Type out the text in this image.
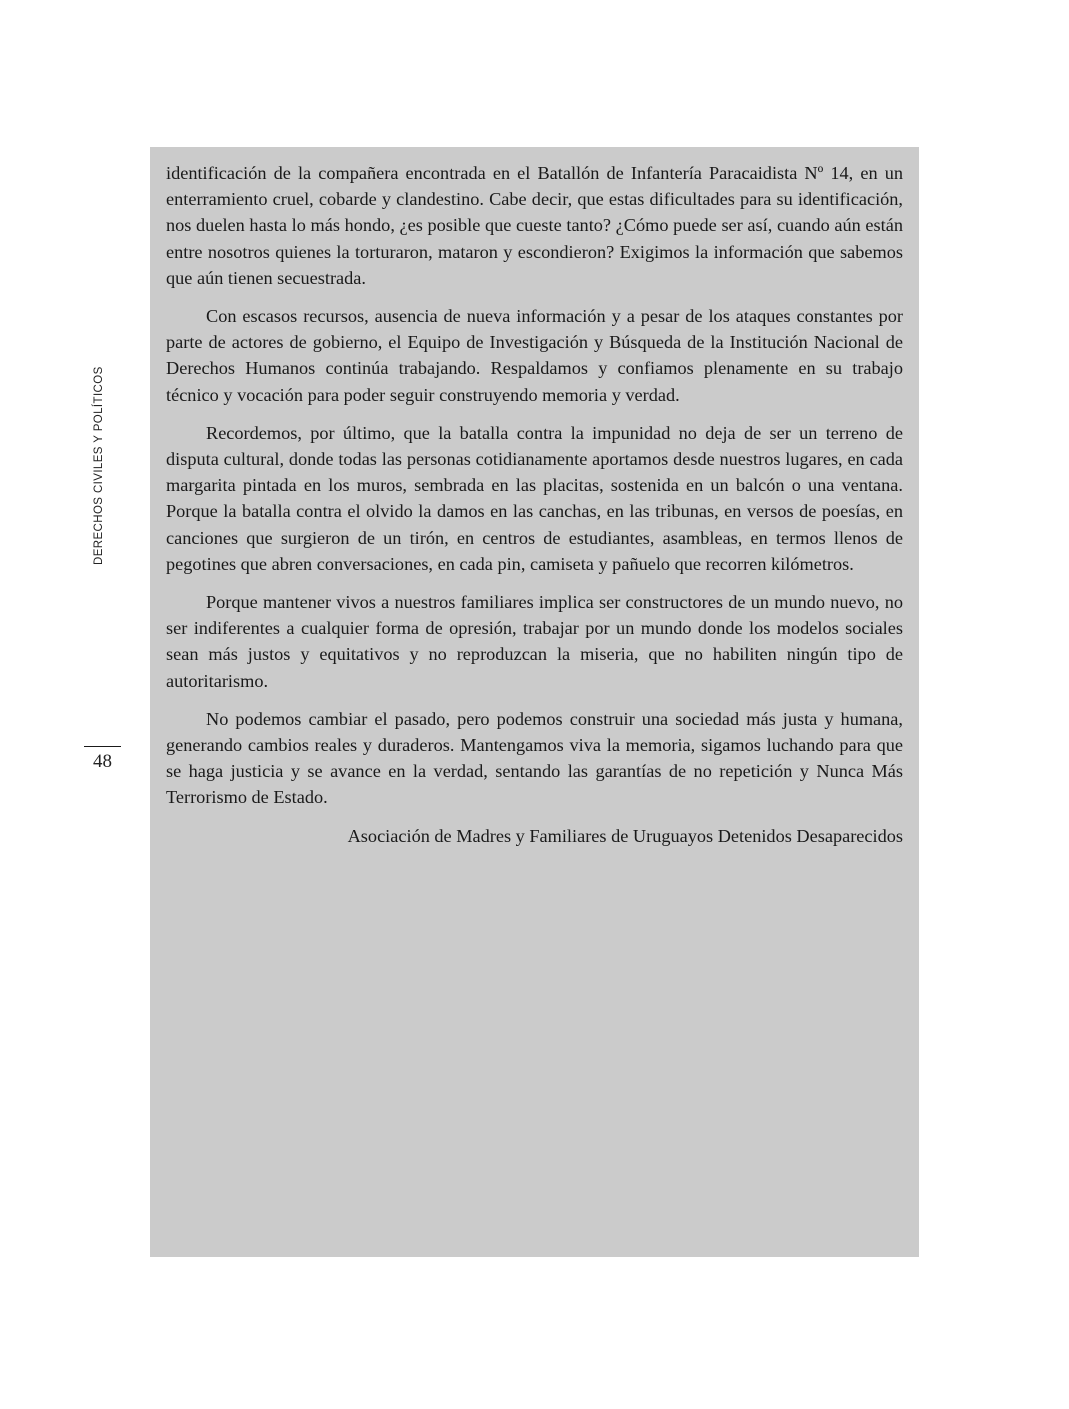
DERECHOS CIVILES Y POLÍTICOS
48

identificación de la compañera encontrada en el Batallón de Infantería Paracaidista Nº 14, en un enterramiento cruel, cobarde y clandestino. Cabe decir, que estas dificultades para su identificación, nos duelen hasta lo más hondo, ¿es posible que cueste tanto? ¿Cómo puede ser así, cuando aún están entre nosotros quienes la torturaron, mataron y escondieron? Exigimos la información que sabemos que aún tienen secuestrada.

Con escasos recursos, ausencia de nueva información y a pesar de los ataques constantes por parte de actores de gobierno, el Equipo de Investigación y Búsqueda de la Institución Nacional de Derechos Humanos continúa trabajando. Respaldamos y confiamos plenamente en su trabajo técnico y vocación para poder seguir construyendo memoria y verdad.

Recordemos, por último, que la batalla contra la impunidad no deja de ser un terreno de disputa cultural, donde todas las personas cotidianamente aportamos desde nuestros lugares, en cada margarita pintada en los muros, sembrada en las placitas, sostenida en un balcón o una ventana. Porque la batalla contra el olvido la damos en las canchas, en las tribunas, en versos de poesías, en canciones que surgieron de un tirón, en centros de estudiantes, asambleas, en termos llenos de pegotines que abren conversaciones, en cada pin, camiseta y pañuelo que recorren kilómetros.

Porque mantener vivos a nuestros familiares implica ser constructores de un mundo nuevo, no ser indiferentes a cualquier forma de opresión, trabajar por un mundo donde los modelos sociales sean más justos y equitativos y no reproduzcan la miseria, que no habiliten ningún tipo de autoritarismo.

No podemos cambiar el pasado, pero podemos construir una sociedad más justa y humana, generando cambios reales y duraderos. Mantengamos viva la memoria, sigamos luchando para que se haga justicia y se avance en la verdad, sentando las garantías de no repetición y Nunca Más Terrorismo de Estado.

Asociación de Madres y Familiares de Uruguayos Detenidos Desaparecidos
